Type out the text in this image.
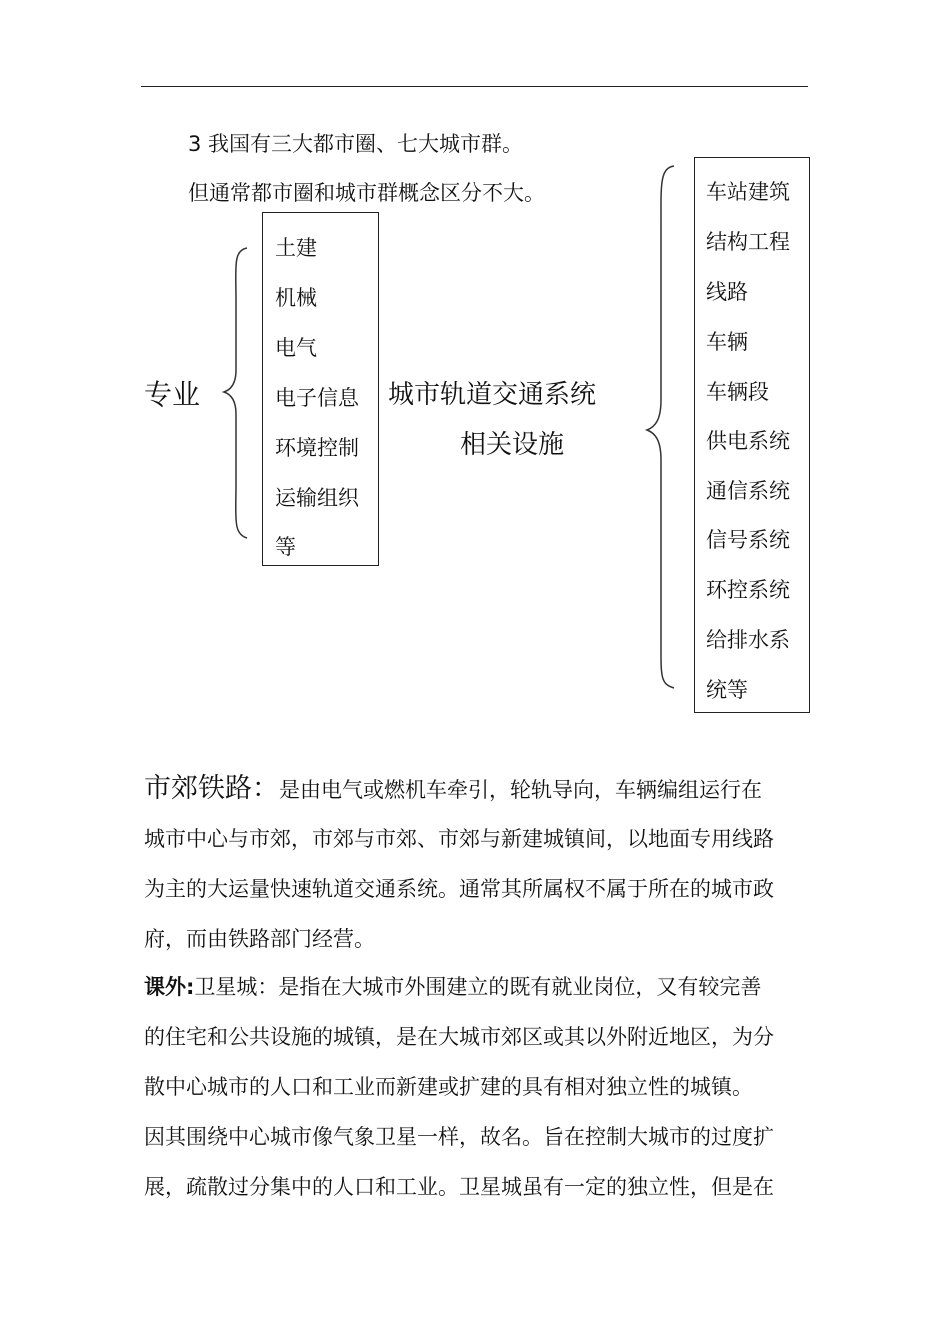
3 我国有三大都市圈、七大城市群。
但通常都市圈和城市群概念区分不大。
专业
土建
机械
电气
电子信息
环境控制
运输组织
等
城市轨道交通系统
相关设施
车站建筑
结构工程
线路
车辆
车辆段
供电系统
通信系统
信号系统
环控系统
给排水系
统等
市郊铁路：是由电气或燃机车牵引，轮轨导向，车辆编组运行在
城市中心与市郊，市郊与市郊、市郊与新建城镇间，以地面专用线路
为主的大运量快速轨道交通系统。通常其所属权不属于所在的城市政
府，而由铁路部门经营。
课外:卫星城：是指在大城市外围建立的既有就业岗位，又有较完善
的住宅和公共设施的城镇，是在大城市郊区或其以外附近地区，为分
散中心城市的人口和工业而新建或扩建的具有相对独立性的城镇。
因其围绕中心城市像气象卫星一样，故名。旨在控制大城市的过度扩
展，疏散过分集中的人口和工业。卫星城虽有一定的独立性，但是在
